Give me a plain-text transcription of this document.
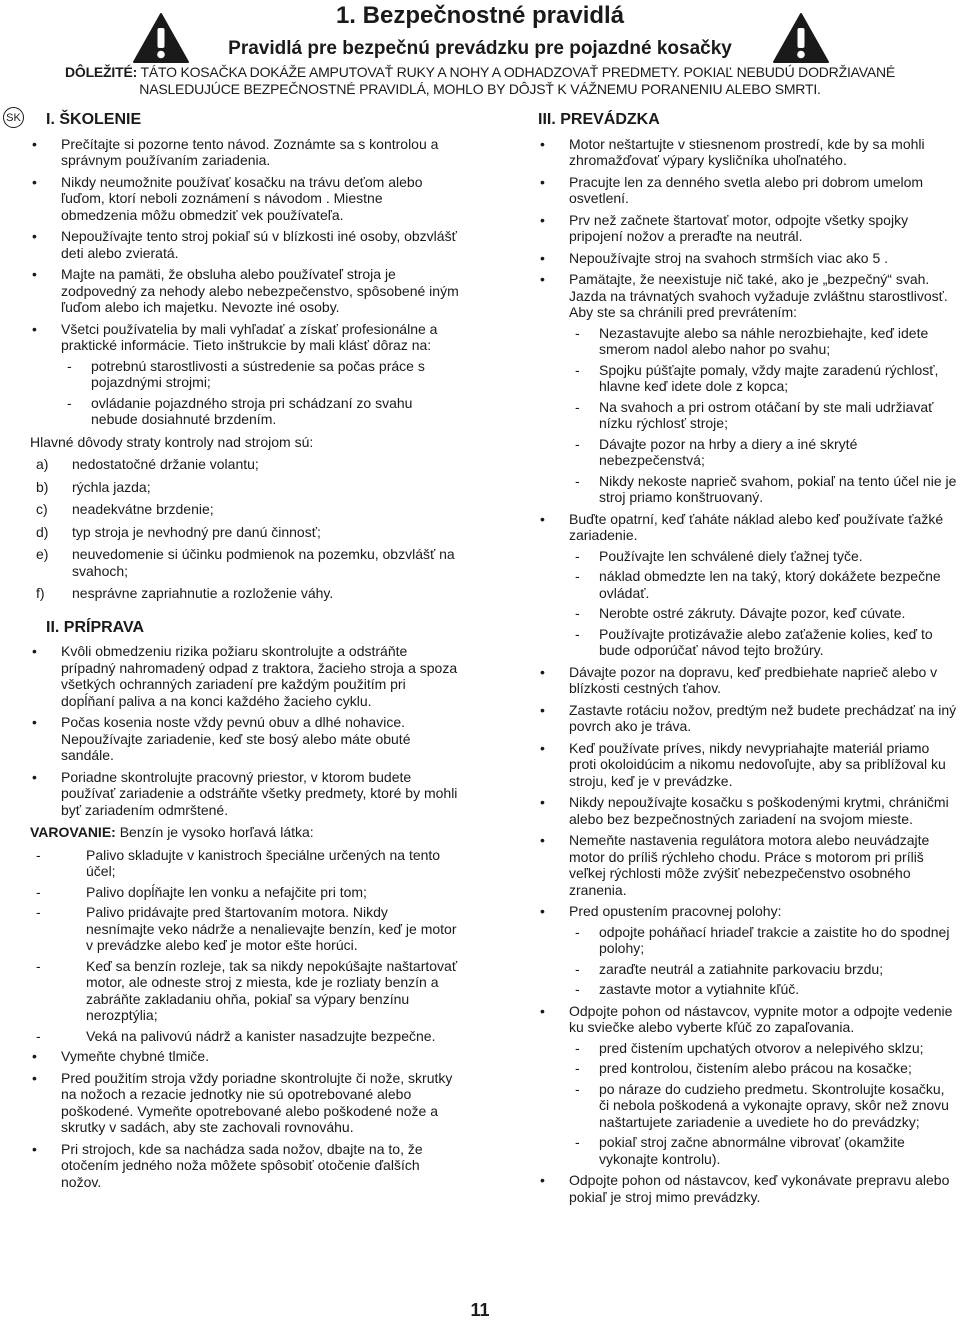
1. Bezpečnostné pravidlá
Pravidlá pre bezpečnú prevádzku pre pojazdné kosačky
DÔLEŽITÉ: TÁTO KOSAČKA DOKÁŽE AMPUTOVAŤ RUKY A NOHY A ODHADZOVAŤ PREDMETY. POKIAĽ NEBUDÚ DODRŽIAVANÉ
NASLEDUJÚCE BEZPEČNOSTNÉ PRAVIDLÁ, MOHLO BY DÔJSŤ K VÁŽNEMU PORANENIU ALEBO SMRTI.
SK	I. ŠKOLENIE
• Prečítajte si pozorne tento návod. Zoznámte sa s kontrolou a správnym používaním zariadenia.
• Nikdy neumožnite používať kosačku na trávu deťom alebo ľuďom, ktorí neboli zoznámení s návodom . Miestne obmedzenia môžu obmedziť vek používateľa.
• Nepoužívajte tento stroj pokiaľ sú v blízkosti iné osoby, obzvlášť deti alebo zvieratá.
• Majte na pamäti, že obsluha alebo používateľ stroja je zodpovedný za nehody alebo nebezpečenstvo, spôsobené iným ľuďom alebo ich majetku. Nevozte iné osoby.
• Všetci používatelia by mali vyhľadať a získať profesionálne a praktické informácie. Tieto inštrukcie by mali klásť dôraz na:
- potrebnú starostlivosti a sústredenie sa počas práce s pojazdnými strojmi;
- ovládanie pojazdného stroja pri schádzaní zo svahu nebude dosiahnuté brzdením.
Hlavné dôvody straty kontroly nad strojom sú:
a)	nedostatočné držanie volantu;
b)	rýchla jazda;
c)	neadekvátne brzdenie;
d)	typ stroja je nevhodný pre danú činnosť;
e)	neuvedomenie si účinku podmienok na pozemku, obzvlášť na svahoch;
f)	nesprávne zapriahnutie a rozloženie váhy.
II. PRÍPRAVA
• Kvôli obmedzeniu rizika požiaru skontrolujte a odstráňte prípadný nahromadený odpad z traktora, žacieho stroja a spoza všetkých ochranných zariadení pre každým použitím pri dopĺňaní paliva a na konci každého žacieho cyklu.
• Počas kosenia noste vždy pevnú obuv a dlhé nohavice. Nepoužívajte zariadenie, keď ste bosý alebo máte obuté sandále.
• Poriadne skontrolujte pracovný priestor, v ktorom budete používať zariadenie a odstráňte všetky predmety, ktoré by mohli byť zariadením odmrštené.
VAROVANIE: Benzín je vysoko horľavá látka:
- Palivo skladujte v kanistroch špeciálne určených na tento účel;
- Palivo dopĺňajte len vonku a nefajčite pri tom;
- Palivo pridávajte pred štartovaním motora. Nikdy nesnímajte veko nádrže a nenalievajte benzín, keď je motor v prevádzke alebo keď je motor ešte horúci.
- Keď sa benzín rozleje, tak sa nikdy nepokúšajte naštartovať motor, ale odneste stroj z miesta, kde je rozliaty benzín a zabráňte zakladaniu ohňa, pokiaľ sa výpary benzínu nerozptýlia;
- Veká na palivovú nádrž a kanister nasadzujte bezpečne.
• Vymeňte chybné tlmiče.
• Pred použitím stroja vždy poriadne skontrolujte či nože, skrutky na nožoch a rezacie jednotky nie sú opotrebované alebo poškodené. Vymeňte opotrebované alebo poškodené nože a skrutky v sadách, aby ste zachovali rovnováhu.
• Pri strojoch, kde sa nachádza sada nožov, dbajte na to, že otočením jedného noža môžete spôsobiť otočenie ďalších nožov.
III. PREVÁDZKA
• Motor neštartujte v stiesnenom prostredí, kde by sa mohli zhromažďovať výpary kysličníka uhoľnatého.
• Pracujte len za denného svetla alebo pri dobrom umelom osvetlení.
• Prv než začnete štartovať motor, odpojte všetky spojky pripojení nožov a preraďte na neutrál.
• Nepoužívajte stroj na svahoch strmších viac ako 5 .
• Pamätajte, že neexistuje nič také, ako je „bezpečný“ svah. Jazda na trávnatých svahoch vyžaduje zvláštnu starostlivosť. Aby ste sa chránili pred prevrátením:
- Nezastavujte alebo sa náhle nerozbiehajte, keď idete smerom nadol alebo nahor po svahu;
- Spojku púšťajte pomaly, vždy majte zaradenú rýchlosť, hlavne keď idete dole z kopca;
- Na svahoch a pri ostrom otáčaní by ste mali udržiavať nízku rýchlosť stroje;
- Dávajte pozor na hrby a diery a iné skryté nebezpečenstvá;
- Nikdy nekoste naprieč svahom, pokiaľ na tento účel nie je stroj priamo konštruovaný.
• Buďte opatrní, keď ťaháte náklad alebo keď používate ťažké zariadenie.
- Používajte len schválené diely ťažnej tyče.
- náklad obmedzte len na taký, ktorý dokážete bezpečne ovládať.
- Nerobte ostré zákruty. Dávajte pozor, keď cúvate.
- Používajte protizávažie alebo zaťaženie kolies, keď to bude odporúčať návod tejto brožúry.
• Dávajte pozor na dopravu, keď predbiehate naprieč alebo v blízkosti cestných ťahov.
• Zastavte rotáciu nožov, predtým než budete prechádzať na iný povrch ako je tráva.
• Keď používate príves, nikdy nevypriahajte materiál priamo proti okoloidúcim a nikomu nedovoľujte, aby sa priblížoval ku stroju, keď je v prevádzke.
• Nikdy nepoužívajte kosačku s poškodenými krytmi, chráničmi alebo bez bezpečnostných zariadení na svojom mieste.
• Nemeňte nastavenia regulátora motora alebo neuvádzajte motor do príliš rýchleho chodu. Práce s motorom pri príliš veľkej rýchlosti môže zvýšiť nebezpečenstvo osobného zranenia.
• Pred opustením pracovnej polohy:
- odpojte poháňací hriadeľ trakcie a zaistite ho do spodnej polohy;
- zaraďte neutrál a zatiahnite parkovaciu brzdu;
- zastavte motor a vytiahnite kľúč.
• Odpojte pohon od nástavcov, vypnite motor a odpojte vedenie ku sviečke alebo vyberte kľúč zo zapaľovania.
- pred čistením upchatých otvorov a nelepivého sklzu;
- pred kontrolou, čistením alebo prácou na kosačke;
- po náraze do cudzieho predmetu. Skontrolujte kosačku, či nebola poškodená a vykonajte opravy, skôr než znovu naštartujete zariadenie a uvediete ho do prevádzky;
- pokiaľ stroj začne abnormálne vibrovať (okamžite vykonajte kontrolu).
• Odpojte pohon od nástavcov, keď vykonávate prepravu alebo pokiaľ je stroj mimo prevádzky.
11
